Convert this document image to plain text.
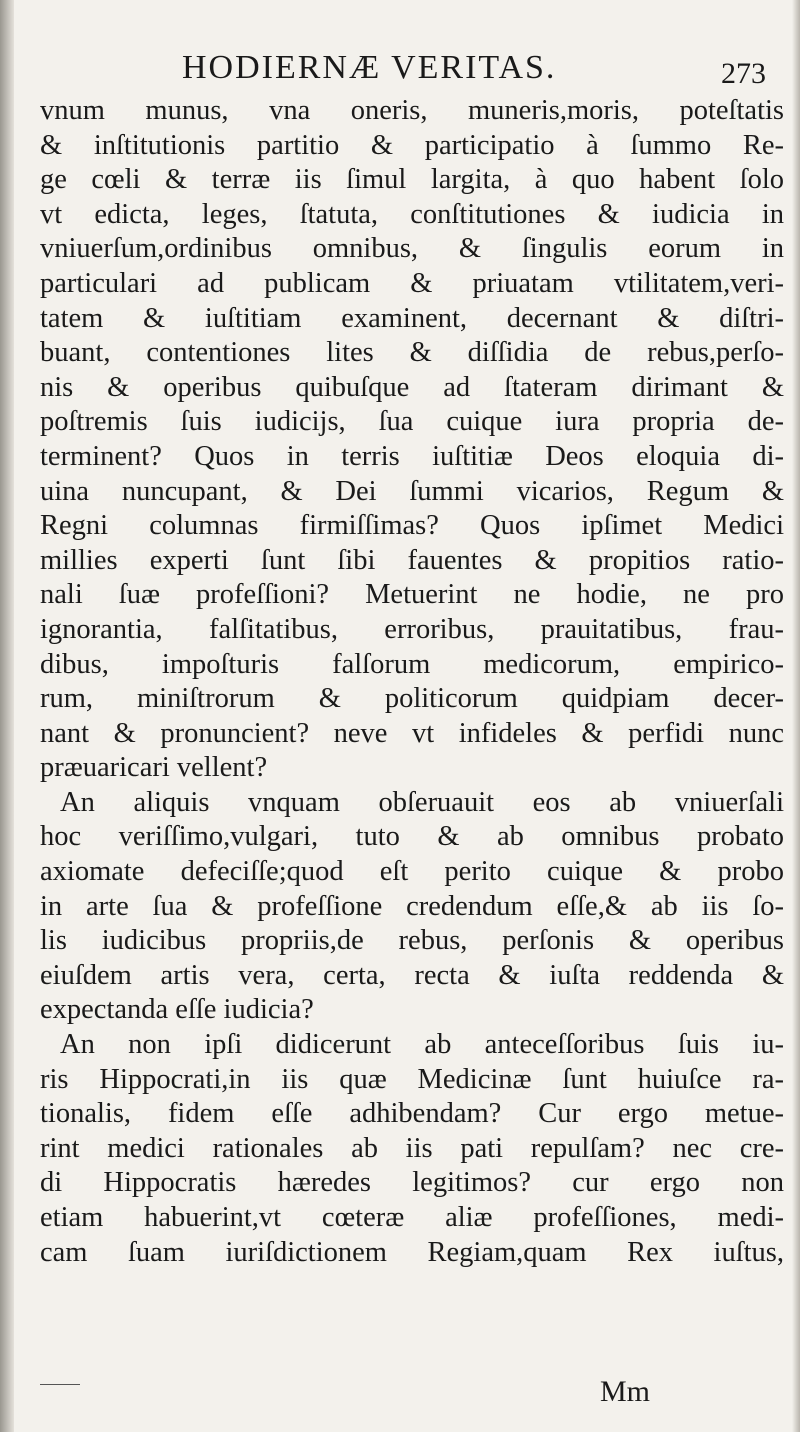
HODIERNÆ VERITAS.	273
vnum munus, vna oneris, muneris,moris, poteſtatis
& inſtitutionis partitio & participatio à ſummo Re-
ge cœli & terræ iis ſimul largita, à quo habent ſolo
vt edicta, leges, ſtatuta, conſtitutiones & iudicia in
vniuerſum,ordinibus omnibus, & ſingulis eorum in
particulari ad publicam & priuatam vtilitatem,veri-
tatem & iuſtitiam examinent, decernant & diſtri-
buant, contentiones lites & diſſidia de rebus,perſo-
nis & operibus quibuſque ad ſtateram dirimant &
poſtremis ſuis iudicijs, ſua cuique iura propria de-
terminent? Quos in terris iuſtitiæ Deos eloquia di-
uina nuncupant, & Dei ſummi vicarios, Regum &
Regni columnas firmiſſimas? Quos ipſimet Medici
millies experti ſunt ſibi fauentes & propitios ratio-
nali ſuæ profeſſioni? Metuerint ne hodie, ne pro
ignorantia, falſitatibus, erroribus, prauitatibus, frau-
dibus, impoſturis falſorum medicorum, empirico-
rum, miniſtrorum & politicorum quidpiam decer-
nant & pronuncient? neve vt infideles & perfidi nunc
præuaricari vellent?
An aliquis vnquam obſeruauit eos ab vniuerſali
hoc veriſſimo,vulgari, tuto & ab omnibus probato
axiomate defeciſſe;quod eſt perito cuique & probo
in arte ſua & profeſſione credendum eſſe,& ab iis ſo-
lis iudicibus propriis,de rebus, perſonis & operibus
eiuſdem artis vera, certa, recta & iuſta reddenda &
expectanda eſſe iudicia?
An non ipſi didicerunt ab anteceſſoribus ſuis iu-
ris Hippocrati,in iis quæ Medicinæ ſunt huiuſce ra-
tionalis, fidem eſſe adhibendam? Cur ergo metue-
rint medici rationales ab iis pati repulſam? nec cre-
di Hippocratis hæredes legitimos? cur ergo non
etiam habuerint,vt cœteræ aliæ profeſſiones, medi-
cam ſuam iuriſdictionem Regiam,quam Rex iuſtus,
Mm
